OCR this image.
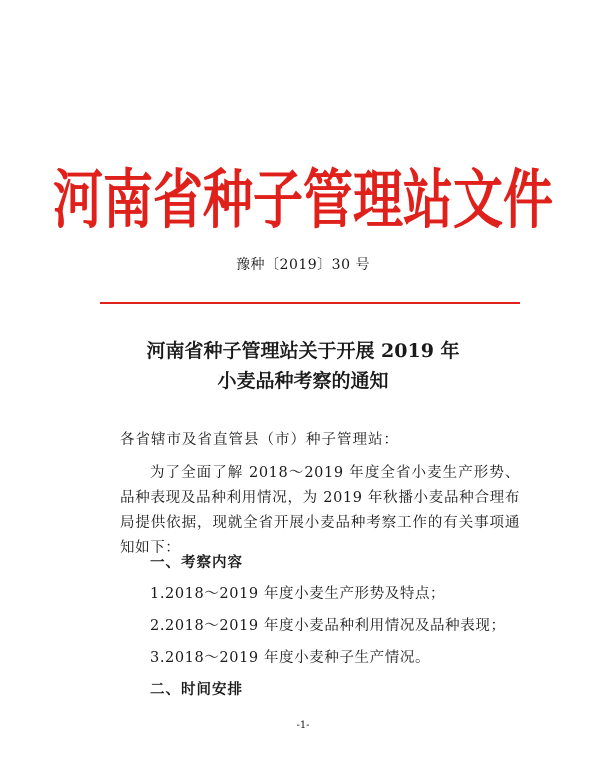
河南省种子管理站文件
豫种〔2019〕30 号
河南省种子管理站关于开展 2019 年
小麦品种考察的通知
各省辖市及省直管县（市）种子管理站：
为了全面了解 2018～2019 年度全省小麦生产形势、品种表现及品种利用情况，为 2019 年秋播小麦品种合理布局提供依据，现就全省开展小麦品种考察工作的有关事项通知如下：
一、考察内容
1.2018～2019 年度小麦生产形势及特点；
2.2018～2019 年度小麦品种利用情况及品种表现；
3.2018～2019 年度小麦种子生产情况。
二、时间安排
-1-
